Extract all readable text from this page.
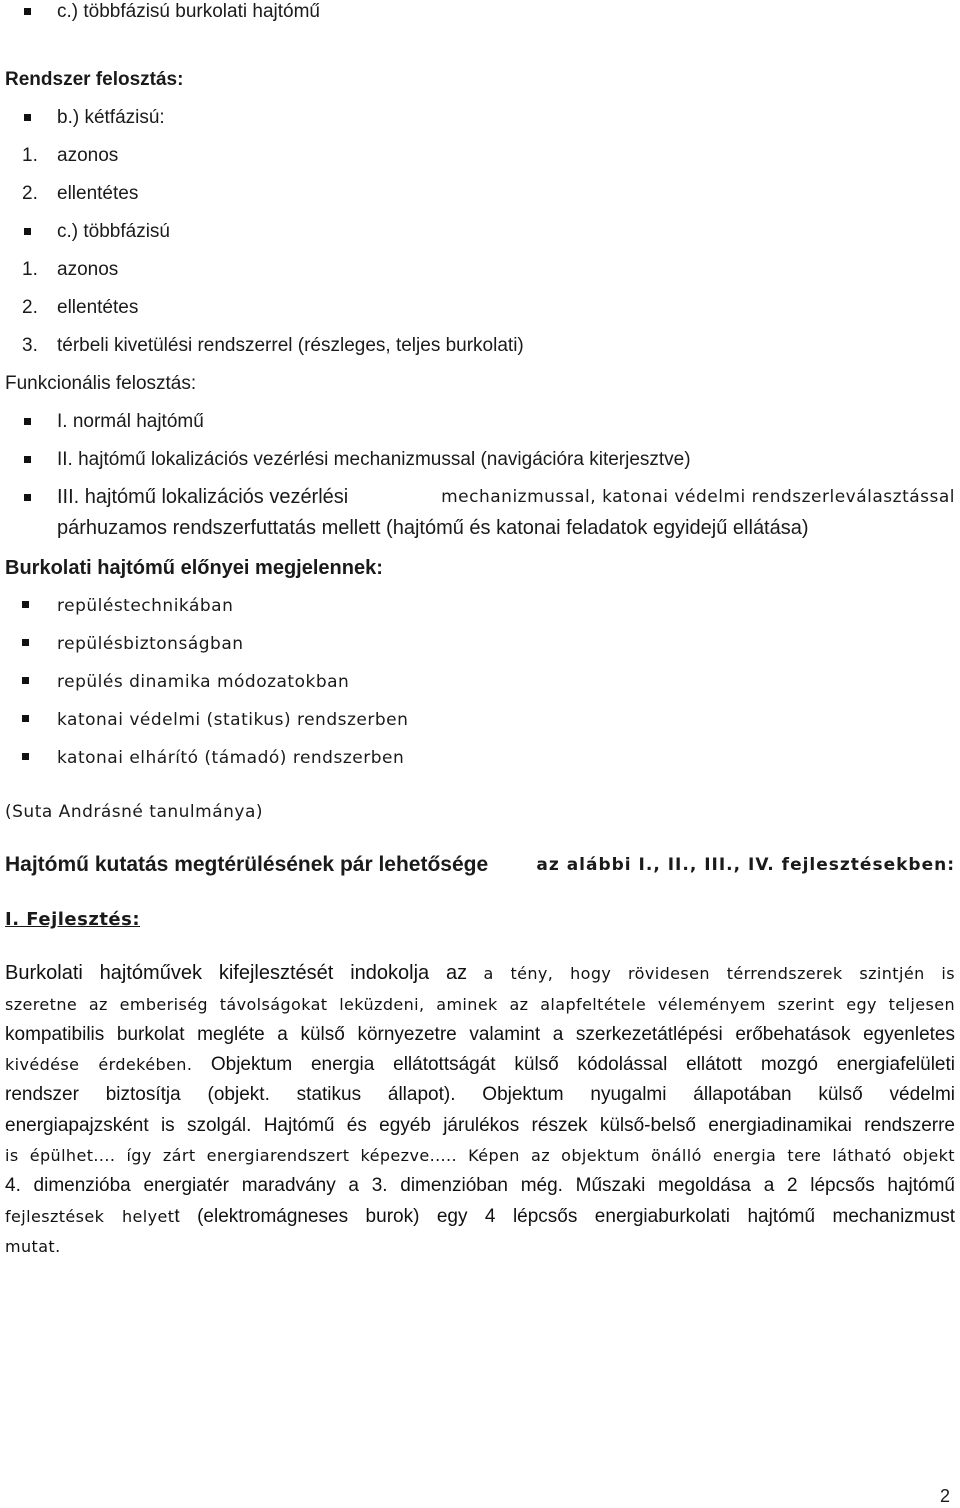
c.) többfázisú burkolati hajtómű
Rendszer felosztás:
b.) kétfázisú:
1. azonos
2. ellentétes
c.) többfázisú
1. azonos
2. ellentétes
3. térbeli kivetülési rendszerrel (részleges, teljes burkolati)
Funkcionális felosztás:
I. normál hajtómű
II. hajtómű lokalizációs vezérlési mechanizmussal (navigációra kiterjesztve)
III. hajtómű lokalizációs vezérlési	mechanizmussal, katonai védelmi rendszerleválasztással
párhuzamos rendszerfuttatás mellett (hajtómű és katonai feladatok egyidejű ellátása)
Burkolati hajtómű előnyei megjelennek:
repüléstechnikában
repülésbiztonságban
repülés dinamika módozatokban
katonai védelmi (statikus) rendszerben
katonai elhárító (támadó) rendszerben
(Suta Andrásné tanulmánya)
Hajtómű kutatás megtérülésének pár lehetősége	az alábbi I., II., III., IV. fejlesztésekben:
I. Fejlesztés:
Burkolati hajtóművek kifejlesztését indokolja az a tény, hogy rövidesen térrendszerek szintjén is
szeretne az emberiség távolságokat leküzdeni, aminek az alapfeltétele véleményem szerint egy teljesen
kompatibilis burkolat megléte a külső környezetre valamint a szerkezetátlépési erőbehatások egyenletes
kivédése érdekében. Objektum energia ellátottságát külső kódolással ellátott mozgó energiafelületi
rendszer biztosítja (objekt. statikus állapot). Objektum nyugalmi állapotában külső védelmi
energiapajzsként is szolgál. Hajtómű és egyéb járulékos részek külső-belső energiadinamikai rendszerre
is épülhet.... így zárt energiarendszert képezve..... Képen az objektum önálló energia tere látható objekt
4. dimenzióba energiatér maradvány a 3. dimenzióban még. Műszaki megoldása a 2 lépcsős hajtómű
fejlesztések helyett (elektromágneses burok) egy 4 lépcsős energiaburkolati hajtómű mechanizmust
mutat.
2
